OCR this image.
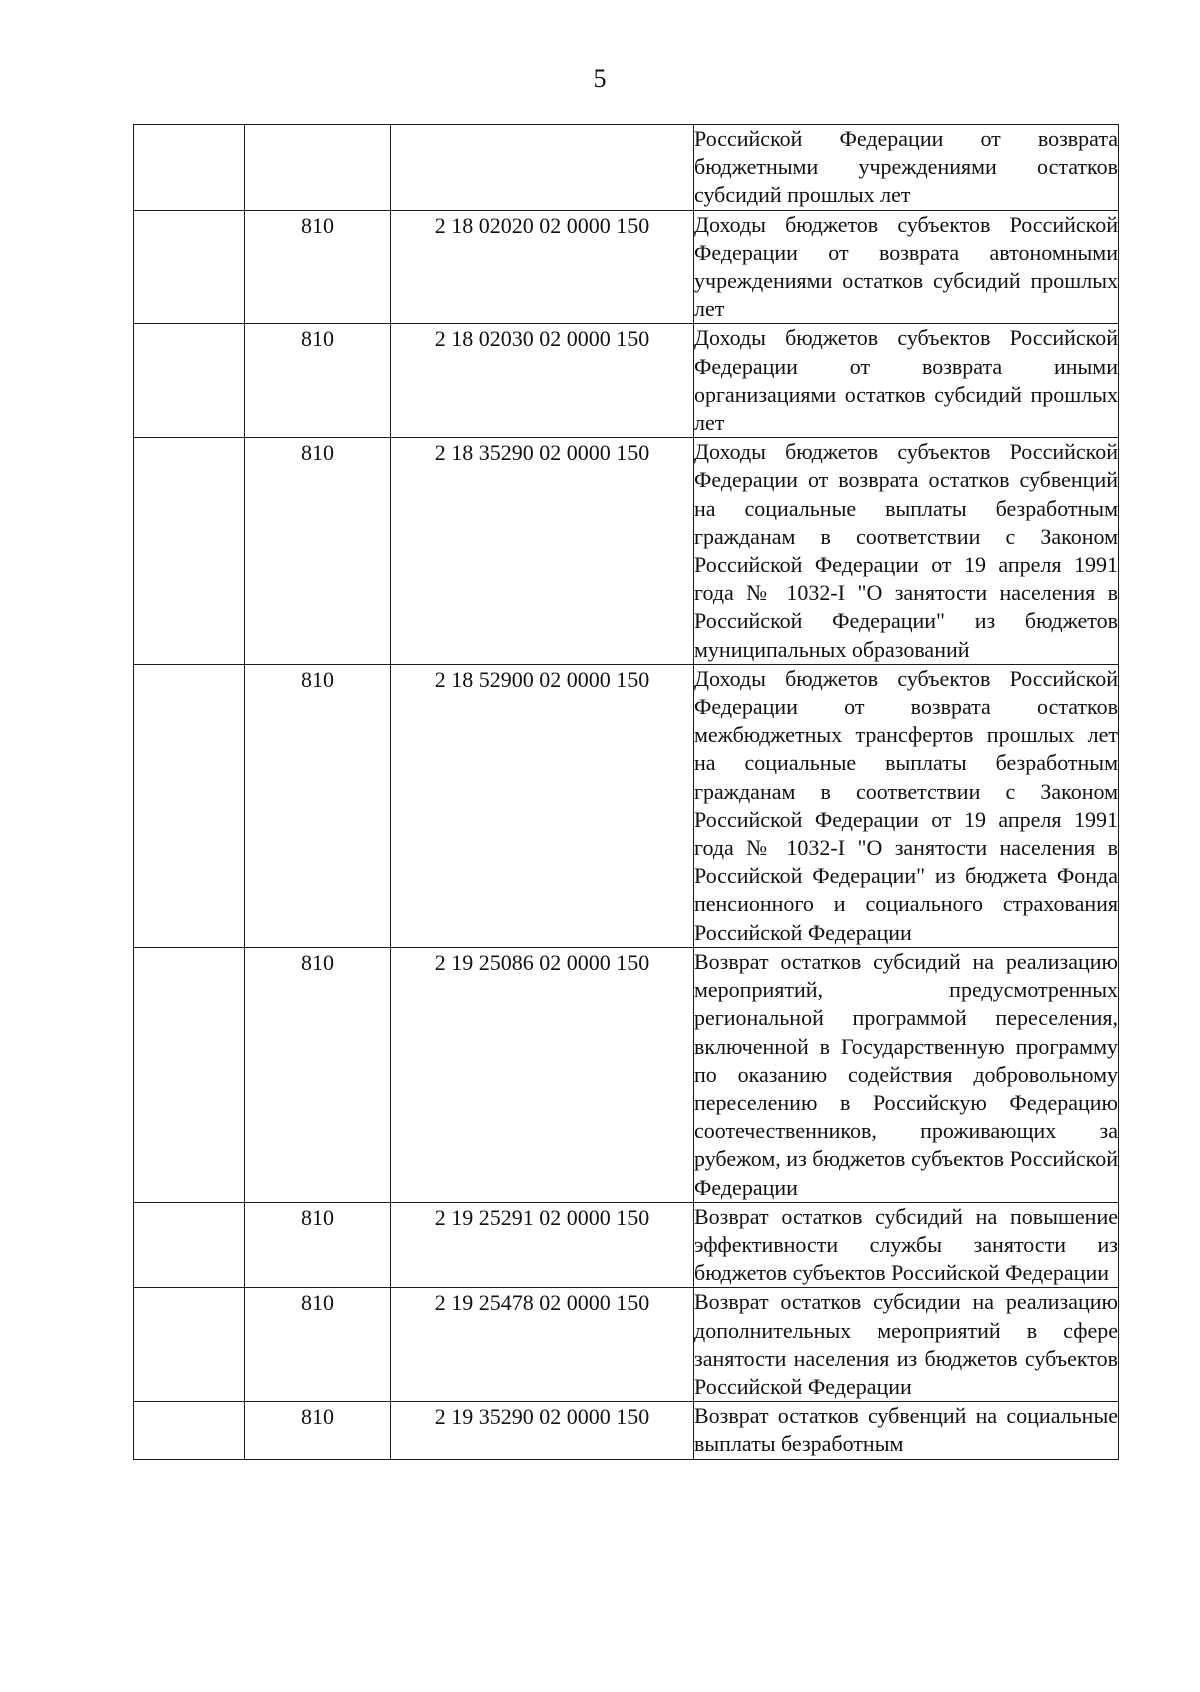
5
			Российской Федерации от возврата бюджетными учреждениями остатков субсидий прошлых лет
	810	2 18 02020 02 0000 150	Доходы бюджетов субъектов Российской Федерации от возврата автономными учреждениями остатков субсидий прошлых лет
	810	2 18 02030 02 0000 150	Доходы бюджетов субъектов Российской Федерации от возврата иными организациями остатков субсидий прошлых лет
	810	2 18 35290 02 0000 150	Доходы бюджетов субъектов Российской Федерации от возврата остатков субвенций на социальные выплаты безработным гражданам в соответствии с Законом Российской Федерации от 19 апреля 1991 года № 1032-I "О занятости населения в Российской Федерации" из бюджетов муниципальных образований
	810	2 18 52900 02 0000 150	Доходы бюджетов субъектов Российской Федерации от возврата остатков межбюджетных трансфертов прошлых лет на социальные выплаты безработным гражданам в соответствии с Законом Российской Федерации от 19 апреля 1991 года № 1032-I "О занятости населения в Российской Федерации" из бюджета Фонда пенсионного и социального страхования Российской Федерации
	810	2 19 25086 02 0000 150	Возврат остатков субсидий на реализацию мероприятий, предусмотренных региональной программой переселения, включенной в Государственную программу по оказанию содействия добровольному переселению в Российскую Федерацию соотечественников, проживающих за рубежом, из бюджетов субъектов Российской Федерации
	810	2 19 25291 02 0000 150	Возврат остатков субсидий на повышение эффективности службы занятости из бюджетов субъектов Российской Федерации
	810	2 19 25478 02 0000 150	Возврат остатков субсидии на реализацию дополнительных мероприятий в сфере занятости населения из бюджетов субъектов Российской Федерации
	810	2 19 35290 02 0000 150	Возврат остатков субвенций на социальные выплаты безработным
